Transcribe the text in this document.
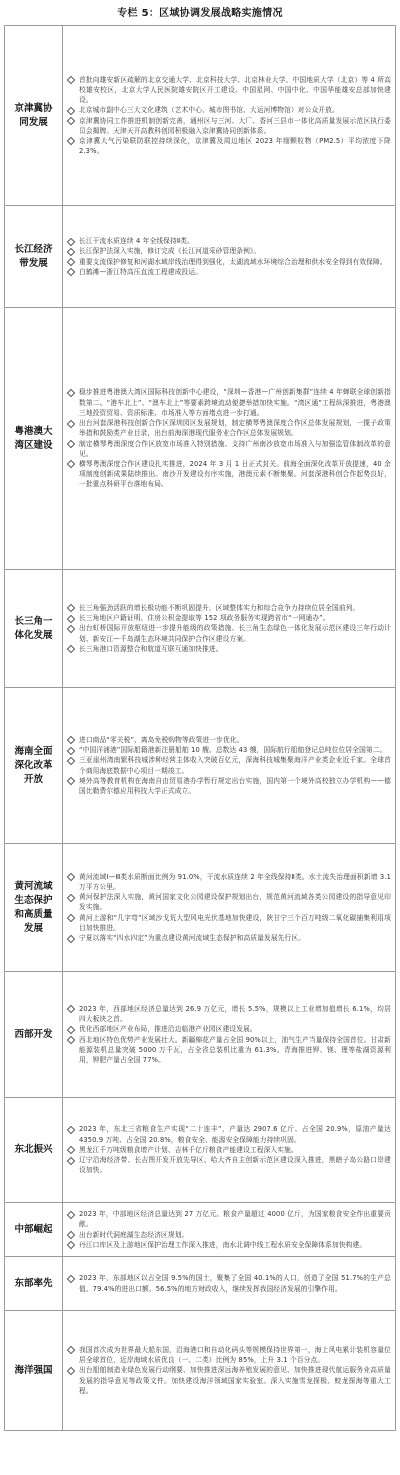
专栏 5：区域协调发展战略实施情况
京津冀协同发展	首批向雄安新区疏解的北京交通大学、北京科技大学、北京林业大学、中国地质大学（北京）等 4 所高校雄安校区，北京大学人民医院雄安院区开工建设。中国星网、中国中化、中国华能雄安总部加快建设。
北京城市副中心三大文化建筑（艺术中心、城市图书馆、大运河博物馆）对公众开放。
京津冀协同工作推进机制创新完善，通州区与三河、大厂、香河三县市一体化高质量发展示范区执行委员会揭牌。天津天开高教科创园积极融入京津冀协同创新体系。
京津冀大气污染联防联控持续深化，京津冀及周边地区 2023 年细颗粒物（PM2.5）平均浓度下降 2.3%。

长江经济带发展	长江干流水质连续 4 年全线保持Ⅱ类。
长江保护法深入实施，修订完成《长江河道采砂管理条例》。
重要支流保护修复和河湖水域岸线治理得到强化，太湖流域水环境综合治理和供水安全得到有效保障。
白鹤滩—浙江特高压直流工程建成投运。

粤港澳大湾区建设	稳步推进粤港澳大湾区国际科技创新中心建设，“深圳—香港—广州创新集群”连续 4 年蝉联全球创新指数第二。“港车北上”、“澳车北上”等要素跨境流动便捷举措加快实施。“湾区通”工程纵深推进，粤港澳三地投资贸易、资质标准、市场准入等方面堵点进一步打通。
出台河套深港科技创新合作区深圳园区发展规划，制定横琴粤澳深度合作区总体发展规划，一揽子政策举措和鼓励类产业目录，出台前海深港现代服务业合作区总体发展规划。
制定横琴粤澳深度合作区放宽市场准入特别措施、支持广州南沙放宽市场准入与加强监管体制改革的意见。
横琴粤澳深度合作区建设扎实推进，2024 年 3 月 1 日正式封关。前海全面深化改革开放提速，40 余项制度创新成果陆续推出。南沙开发建设有序实施，港澳元素不断集聚。河套深港科创合作起势良好，一批重点科研平台落地布局。

长三角一体化发展	长三角强劲活跃的增长极功能不断巩固提升，区域整体实力和综合竞争力持续位居全国前列。
长三角地区户籍证明、住房公积金提取等 152 项政务服务实现跨省市“一网通办”。
出台虹桥国际开放枢纽进一步提升能级的政策措施、长三角生态绿色一体化发展示范区建设三年行动计划、新安江—千岛湖生态环境共同保护合作区建设方案。
长三角港口资源整合和航道互联互通加快推进。

海南全面深化改革开放	进口商品“零关税”、离岛免税购物等政策进一步优化。
“中国洋浦港”国际船籍港新注册船舶 10 艘、总数达 43 艘，国际航行船舶登记总吨位位居全国第二。
三亚崖州湾南繁科技城涉种经营主体收入突破百亿元，深海科技城集聚海洋产业类企业近千家。全球首个商用海底数据中心项目一期竣工。
境外高等教育机构在海南自由贸易港办学暂行规定出台实施，国内第一个境外高校独立办学机构——德国比勒费尔德应用科技大学正式成立。

黄河流域生态保护和高质量发展	黄河流域Ⅰ—Ⅲ类水质断面比例为 91.0%，干流水质连续 2 年全线保持Ⅱ类。水土流失治理面积新增 3.1 万平方公里。
黄河保护法深入实施，黄河国家文化公园建设保护规划出台，规范黄河流域各类公园建设的指导意见印发实施。
黄河上游和“几字弯”区域沙戈荒大型风电光伏基地加快建设，陕甘宁三个百万吨级二氧化碳捕集利用项目加快推进。
宁夏以落实“四水四定”为重点建设黄河流域生态保护和高质量发展先行区。

西部开发	2023 年，西部地区经济总量达到 26.9 万亿元，增长 5.5%，规模以上工业增加值增长 6.1%，均居四大板块之首。
优化西部地区产业布局，推进沿边临港产业园区建设发展。
西北地区特色优势产业发展壮大。新疆棉花产量占全国 90%以上，油气生产当量保持全国首位。甘肃新能源装机总量突破 5000 万千瓦，占全省总装机比重为 61.3%。青海推进钾、镁、锂等盐湖资源利用，钾肥产量占全国 77%。

东北振兴	2023 年，东北三省粮食生产实现“二十连丰”，产量达 2907.6 亿斤、占全国 20.9%，原油产量达 4350.9 万吨、占全国 20.8%，粮食安全、能源安全保障能力持续巩固。
黑龙江千万吨级粮食增产计划、吉林千亿斤粮食产能建设工程深入实施。
辽宁沿海经济带、长吉图开发开放先导区、哈大齐自主创新示范区建设深入推进，黑瞎子岛公路口岸建设加快。

中部崛起	2023 年，中部地区经济总量达到 27 万亿元。粮食产量超过 4000 亿斤，为国家粮食安全作出重要贡献。
出台新时代洞庭湖生态经济区规划。
丹江口库区及上游地区保护治理工作深入推进，南水北调中线工程水质安全保障体系加快构建。

东部率先	2023 年，东部地区以占全国 9.5%的国土，聚集了全国 40.1%的人口，创造了全国 51.7%的生产总值、79.4%的进出口额、56.5%的地方财政收入，继续发挥我国经济发展的引擎作用。

海洋强国	我国首次成为世界最大船东国，沿海港口和自动化码头等规模保持世界第一，海上风电累计装机容量位居全球首位，近岸海域水质优良（一、二类）比例为 85%，上升 3.1 个百分点。
出台船舶制造业绿色发展行动纲要、加快推进深远海养殖发展的意见、加快推进现代航运服务业高质量发展的指导意见等政策文件。加快建设海洋领域国家实验室。深入实施雪龙探极、蛟龙探海等重大工程。
